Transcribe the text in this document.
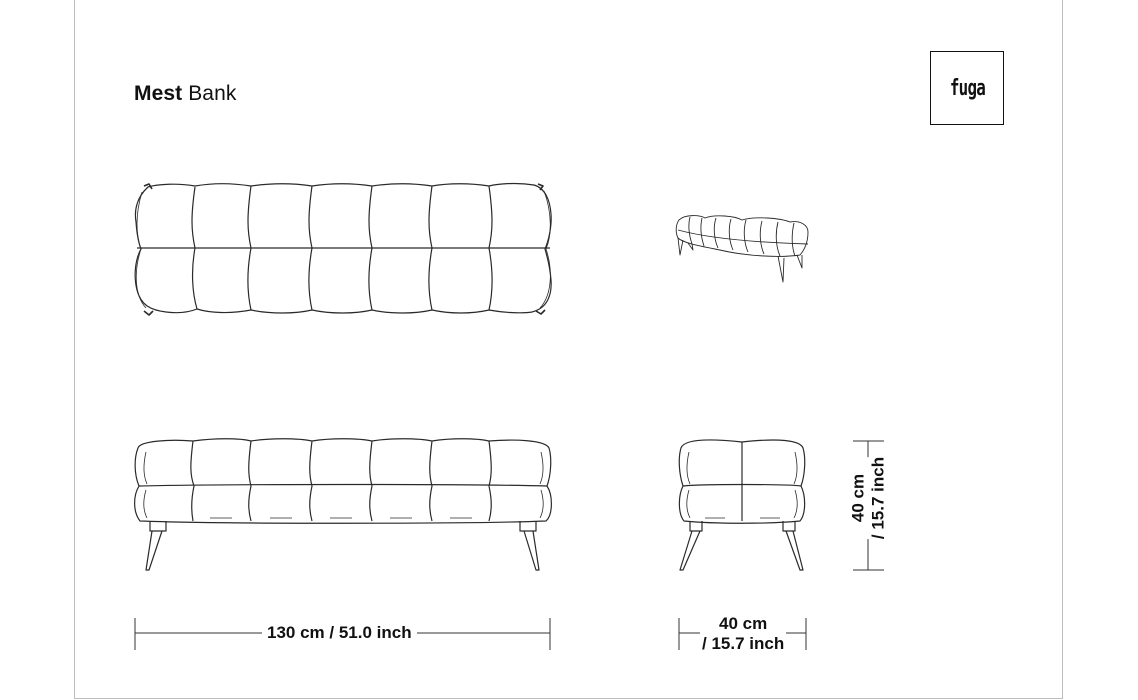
Mest Bank	fuga
130 cm / 51.0 inch	40 cm
/ 15.7 inch
40 cm / 15.7 inch
